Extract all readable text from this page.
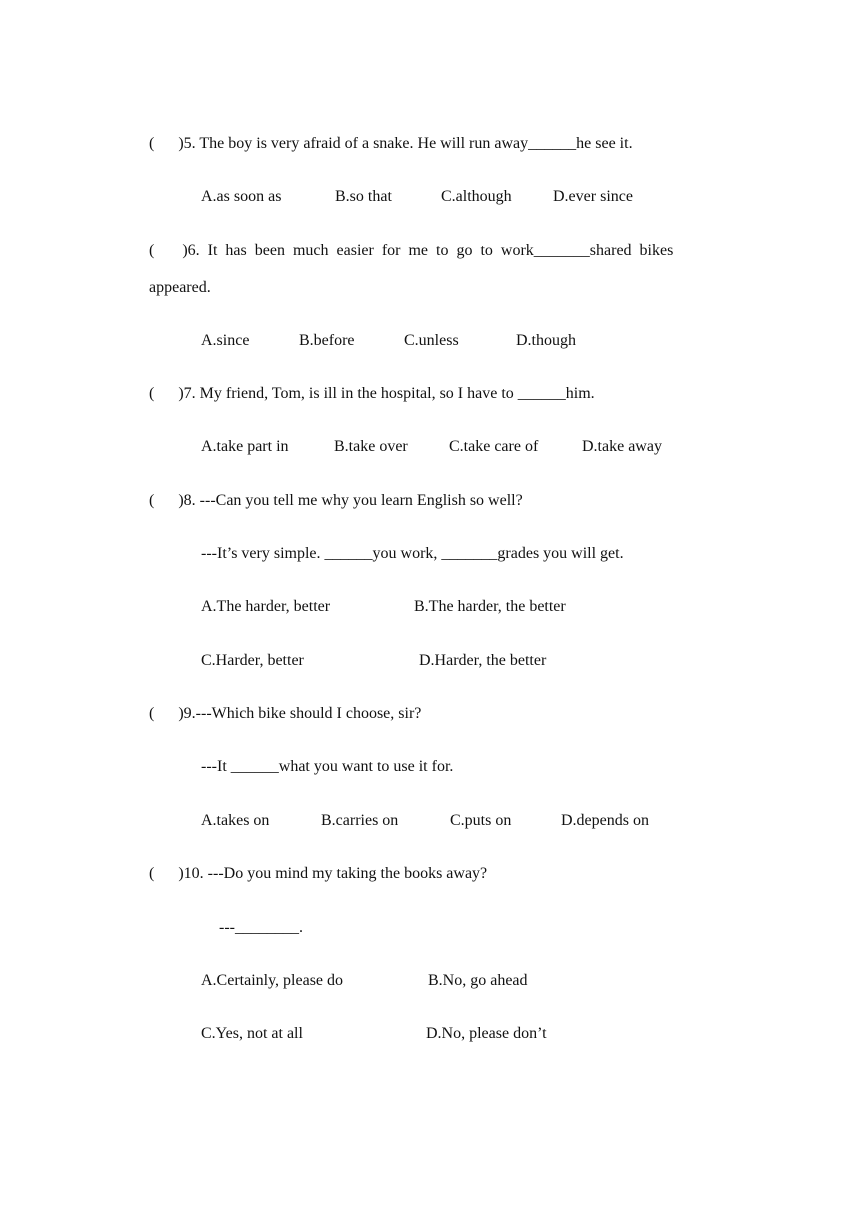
(      )5. The boy is very afraid of a snake. He will run away______he see it.
A.as soon as	B.so that	C.although	D.ever since
(       )6.  It  has  been  much  easier  for  me  to  go  to  work_______shared  bikes
appeared.
A.since	B.before	C.unless	D.though
(      )7. My friend, Tom, is ill in the hospital, so I have to ______him.
A.take part in	B.take over	C.take care of	D.take away
(      )8. ---Can you tell me why you learn English so well?
---It’s very simple. ______you work, _______grades you will get.
A.The harder, better	B.The harder, the better
C.Harder, better	D.Harder, the better
(      )9.---Which bike should I choose, sir?
---It ______what you want to use it for.
A.takes on	B.carries on	C.puts on	D.depends on
(      )10. ---Do you mind my taking the books away?
---________.
A.Certainly, please do	B.No, go ahead
C.Yes, not at all	D.No, please don’t
